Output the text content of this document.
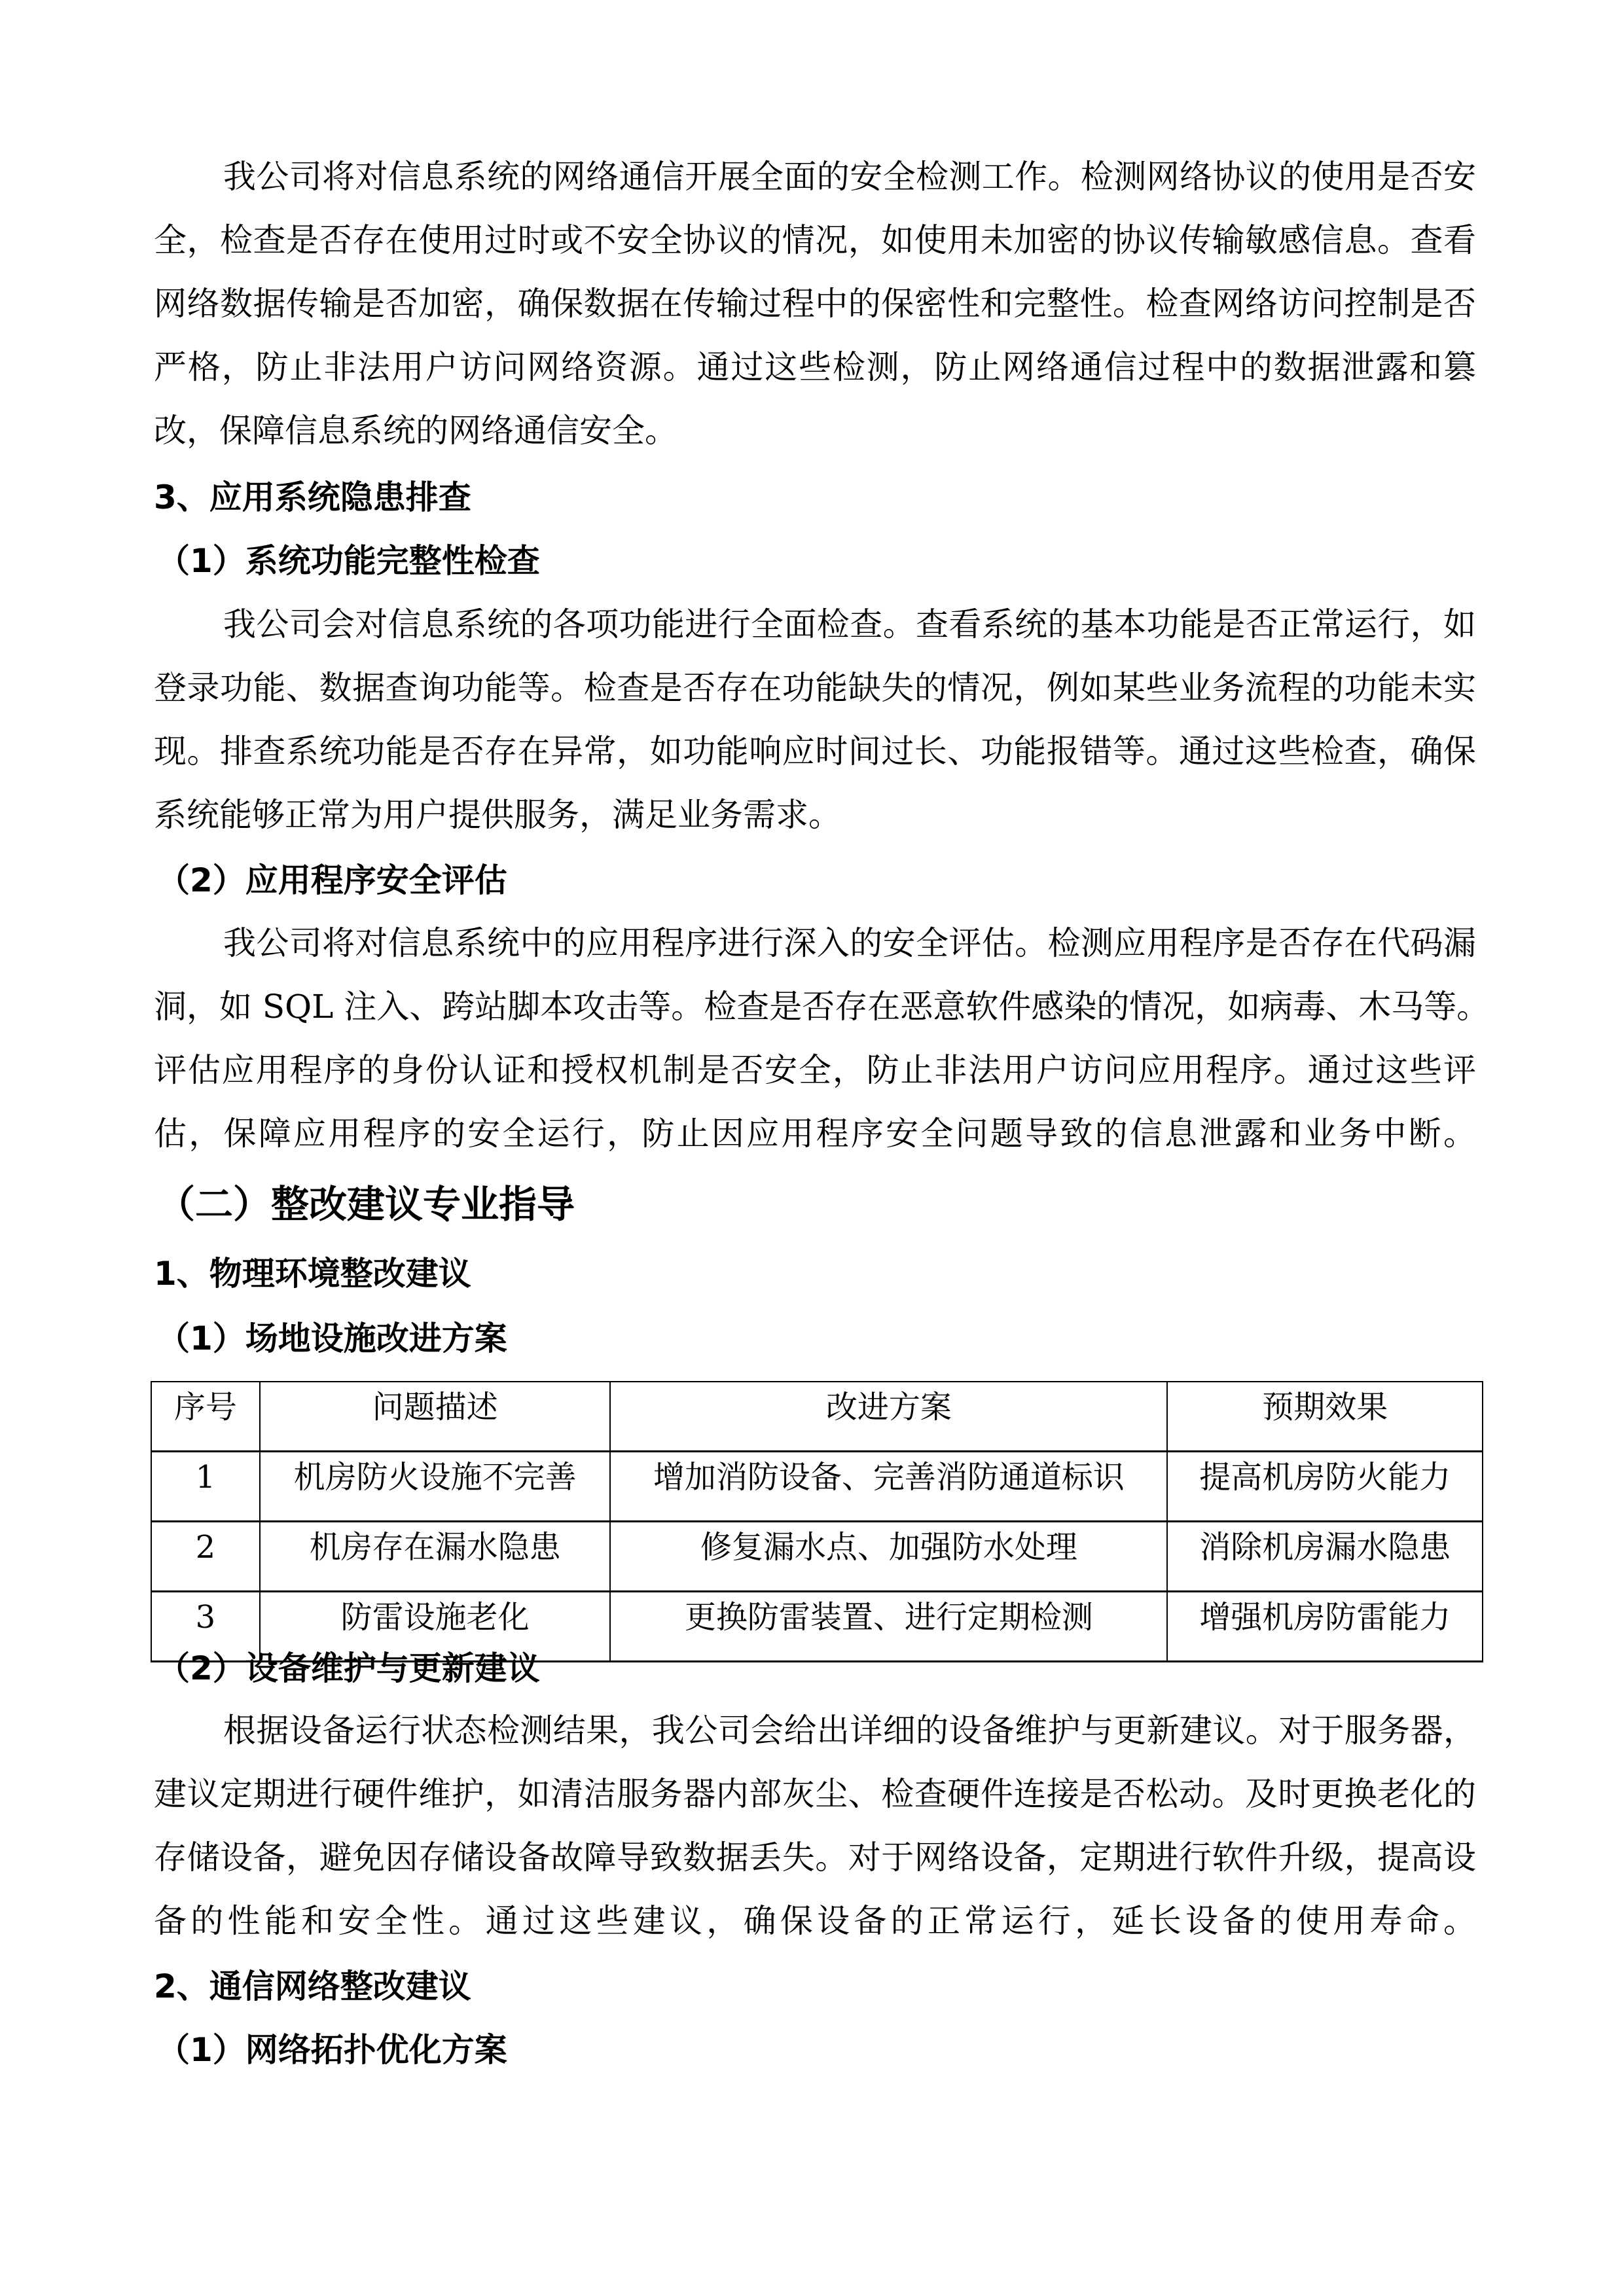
我公司将对信息系统的网络通信开展全面的安全检测工作。检测网络协议的使用是否安
全，检查是否存在使用过时或不安全协议的情况，如使用未加密的协议传输敏感信息。查看
网络数据传输是否加密，确保数据在传输过程中的保密性和完整性。检查网络访问控制是否
严格，防止非法用户访问网络资源。通过这些检测，防止网络通信过程中的数据泄露和篡
改，保障信息系统的网络通信安全。
3、应用系统隐患排查
（1）系统功能完整性检查
我公司会对信息系统的各项功能进行全面检查。查看系统的基本功能是否正常运行，如
登录功能、数据查询功能等。检查是否存在功能缺失的情况，例如某些业务流程的功能未实
现。排查系统功能是否存在异常，如功能响应时间过长、功能报错等。通过这些检查，确保
系统能够正常为用户提供服务，满足业务需求。
（2）应用程序安全评估
我公司将对信息系统中的应用程序进行深入的安全评估。检测应用程序是否存在代码漏
洞，如 SQL 注入、跨站脚本攻击等。检查是否存在恶意软件感染的情况，如病毒、木马等。
评估应用程序的身份认证和授权机制是否安全，防止非法用户访问应用程序。通过这些评
估，保障应用程序的安全运行，防止因应用程序安全问题导致的信息泄露和业务中断。
（二）整改建议专业指导
1、物理环境整改建议
（1）场地设施改进方案
序号	问题描述	改进方案	预期效果
1	机房防火设施不完善	增加消防设备、完善消防通道标识	提高机房防火能力
2	机房存在漏水隐患	修复漏水点、加强防水处理	消除机房漏水隐患
3	防雷设施老化	更换防雷装置、进行定期检测	增强机房防雷能力
（2）设备维护与更新建议
根据设备运行状态检测结果，我公司会给出详细的设备维护与更新建议。对于服务器，
建议定期进行硬件维护，如清洁服务器内部灰尘、检查硬件连接是否松动。及时更换老化的
存储设备，避免因存储设备故障导致数据丢失。对于网络设备，定期进行软件升级，提高设
备的性能和安全性。通过这些建议，确保设备的正常运行，延长设备的使用寿命。
2、通信网络整改建议
（1）网络拓扑优化方案
